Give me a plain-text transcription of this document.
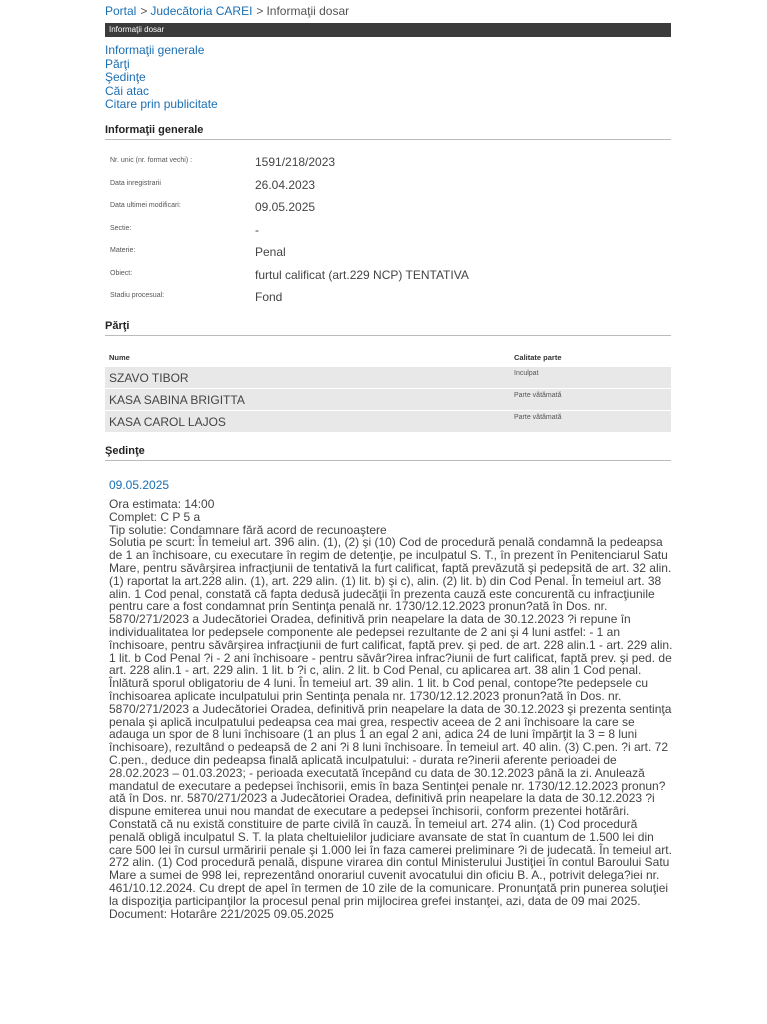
Portal > Judecătoria CAREI > Informaţii dosar
Informaţii dosar
Informaţii generale
Părţi
Şedinţe
Căi atac
Citare prin publicitate
Informaţii generale
Nr. unic (nr. format vechi) :	1591/218/2023
Data inregistrarii	26.04.2023
Data ultimei modificari:	09.05.2025
Sectie:	-
Materie:	Penal
Obiect:	furtul calificat (art.229 NCP) TENTATIVA
Stadiu procesual:	Fond
Părţi
Nume	Calitate parte
SZAVO TIBOR	Inculpat
KASA SABINA BRIGITTA	Parte vătămată
KASA CAROL LAJOS	Parte vătămată
Şedinţe
09.05.2025
Ora estimata: 14:00
Complet: C P 5 a
Tip solutie: Condamnare fără acord de recunoaştere
Solutia pe scurt: În temeiul art. 396 alin. (1), (2) şi (10) Cod de procedură penală condamnă la pedeapsa de 1 an închisoare, cu executare în regim de detenţie, pe inculpatul S. T., în prezent în Penitenciarul Satu Mare, pentru săvârşirea infracţiunii de tentativă la furt calificat, faptă prevăzută şi pedepsită de art. 32 alin. (1) raportat la art.228 alin. (1), art. 229 alin. (1) lit. b) şi c), alin. (2) lit. b) din Cod Penal. În temeiul art. 38 alin. 1 Cod penal, constată că fapta dedusă judecăţii în prezenta cauză este concurentă cu infracţiunile pentru care a fost condamnat prin Sentinţa penală nr. 1730/12.12.2023 pronun?ată în Dos. nr. 5870/271/2023 a Judecătoriei Oradea, definitivă prin neapelare la data de 30.12.2023 ?i repune în individualitatea lor pedepsele componente ale pedepsei rezultante de 2 ani şi 4 luni astfel: - 1 an închisoare, pentru săvârşirea infracţiunii de furt calificat, faptă prev. şi ped. de art. 228 alin.1 - art. 229 alin. 1 lit. b Cod Penal ?i - 2 ani închisoare - pentru săvâr?irea infrac?iunii de furt calificat, faptă prev. şi ped. de art. 228 alin.1 - art. 229 alin. 1 lit. b ?i c, alin. 2 lit. b Cod Penal, cu aplicarea art. 38 alin 1 Cod penal. Înlătură sporul obligatoriu de 4 luni. În temeiul art. 39 alin. 1 lit. b Cod penal, contope?te pedepsele cu închisoarea aplicate inculpatului prin Sentinţa penala nr. 1730/12.12.2023 pronun?ată în Dos. nr. 5870/271/2023 a Judecătoriei Oradea, definitivă prin neapelare la data de 30.12.2023 şi prezenta sentinţa penala şi aplică inculpatului pedeapsa cea mai grea, respectiv aceea de 2 ani închisoare la care se adauga un spor de 8 luni închisoare (1 an plus 1 an egal 2 ani, adica 24 de luni împărţit la 3 = 8 luni închisoare), rezultând o pedeapsă de 2 ani ?i 8 luni închisoare. În temeiul art. 40 alin. (3) C.pen. ?i art. 72 C.pen., deduce din pedeapsa finală aplicată inculpatului: - durata re?inerii aferente perioadei de 28.02.2023 – 01.03.2023; - perioada executată începând cu data de 30.12.2023 până la zi. Anulează mandatul de executare a pedepsei închisorii, emis în baza Sentinţei penale nr. 1730/12.12.2023 pronun?ată în Dos. nr. 5870/271/2023 a Judecătoriei Oradea, definitivă prin neapelare la data de 30.12.2023 ?i dispune emiterea unui nou mandat de executare a pedepsei închisorii, conform prezentei hotărâri. Constată că nu există constituire de parte civilă în cauză. În temeiul art. 274 alin. (1) Cod procedură penală obligă inculpatul S. T. la plata cheltuielilor judiciare avansate de stat în cuantum de 1.500 lei din care 500 lei în cursul urmăririi penale şi 1.000 lei în faza camerei preliminare ?i de judecată. În temeiul art. 272 alin. (1) Cod procedură penală, dispune virarea din contul Ministerului Justiţiei în contul Baroului Satu Mare a sumei de 998 lei, reprezentând onorariul cuvenit avocatului din oficiu B. A., potrivit delega?iei nr. 461/10.12.2024. Cu drept de apel în termen de 10 zile de la comunicare. Pronunţată prin punerea soluţiei la dispoziţia participanţilor la procesul penal prin mijlocirea grefei instanţei, azi, data de 09 mai 2025.
Document: Hotarâre 221/2025 09.05.2025
